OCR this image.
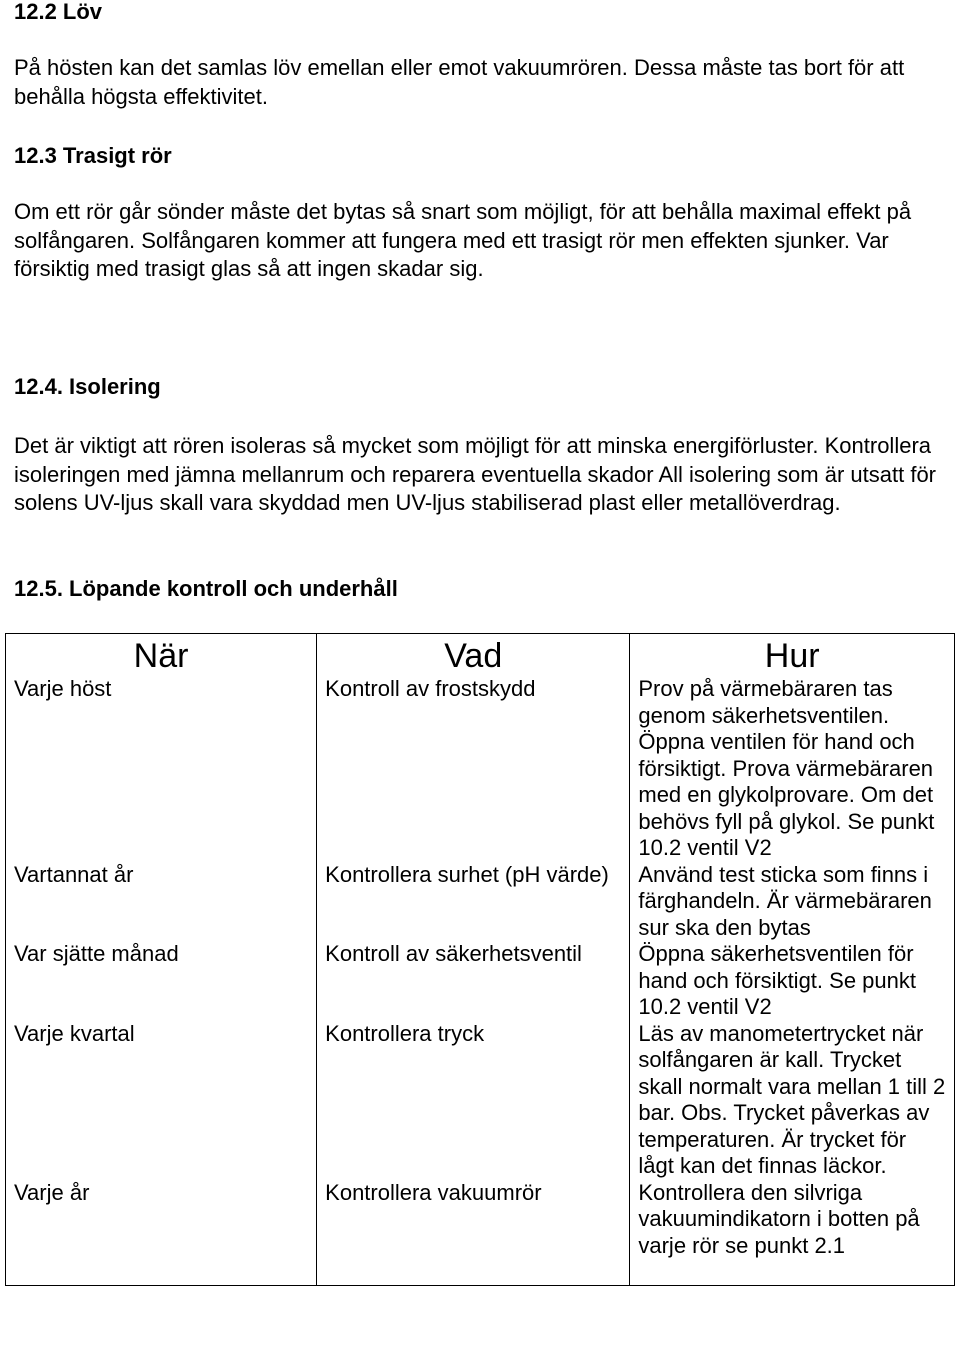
12.2 Löv

På hösten kan det samlas löv emellan eller emot vakuumrören. Dessa måste tas bort för att behålla högsta effektivitet.

12.3 Trasigt rör

Om ett rör går sönder måste det bytas så snart som möjligt, för att behålla maximal effekt på solfångaren. Solfångaren kommer att fungera med ett trasigt rör men effekten sjunker. Var försiktig med trasigt glas så att ingen skadar sig.

12.4. Isolering

Det är viktigt att rören isoleras så mycket som möjligt för att minska energiförluster. Kontrollera isoleringen med jämna mellanrum och reparera eventuella skador All isolering som är utsatt för solens UV-ljus skall vara skyddad men UV-ljus stabiliserad plast eller metallöverdrag.

12.5. Löpande kontroll och underhåll
När	Vad	Hur
Varje höst	Kontroll av frostskydd	Prov på värmebäraren tas genom säkerhetsventilen. Öppna ventilen för hand och försiktigt. Prova värmebäraren med en glykolprovare. Om det behövs fyll på glykol. Se punkt 10.2 ventil V2
Vartannat år	Kontrollera surhet (pH värde)	Använd test sticka som finns i färghandeln. Är värmebäraren sur ska den bytas
Var sjätte månad	Kontroll av säkerhetsventil	Öppna säkerhetsventilen för hand och försiktigt. Se punkt 10.2 ventil V2
Varje kvartal	Kontrollera tryck	Läs av manometertrycket när solfångaren är kall. Trycket skall normalt vara mellan 1 till 2 bar. Obs. Trycket påverkas av temperaturen. Är trycket för lågt kan det finnas läckor.
Varje år	Kontrollera vakuumrör	Kontrollera den silvriga vakuumindikatorn i botten på varje rör se punkt 2.1
